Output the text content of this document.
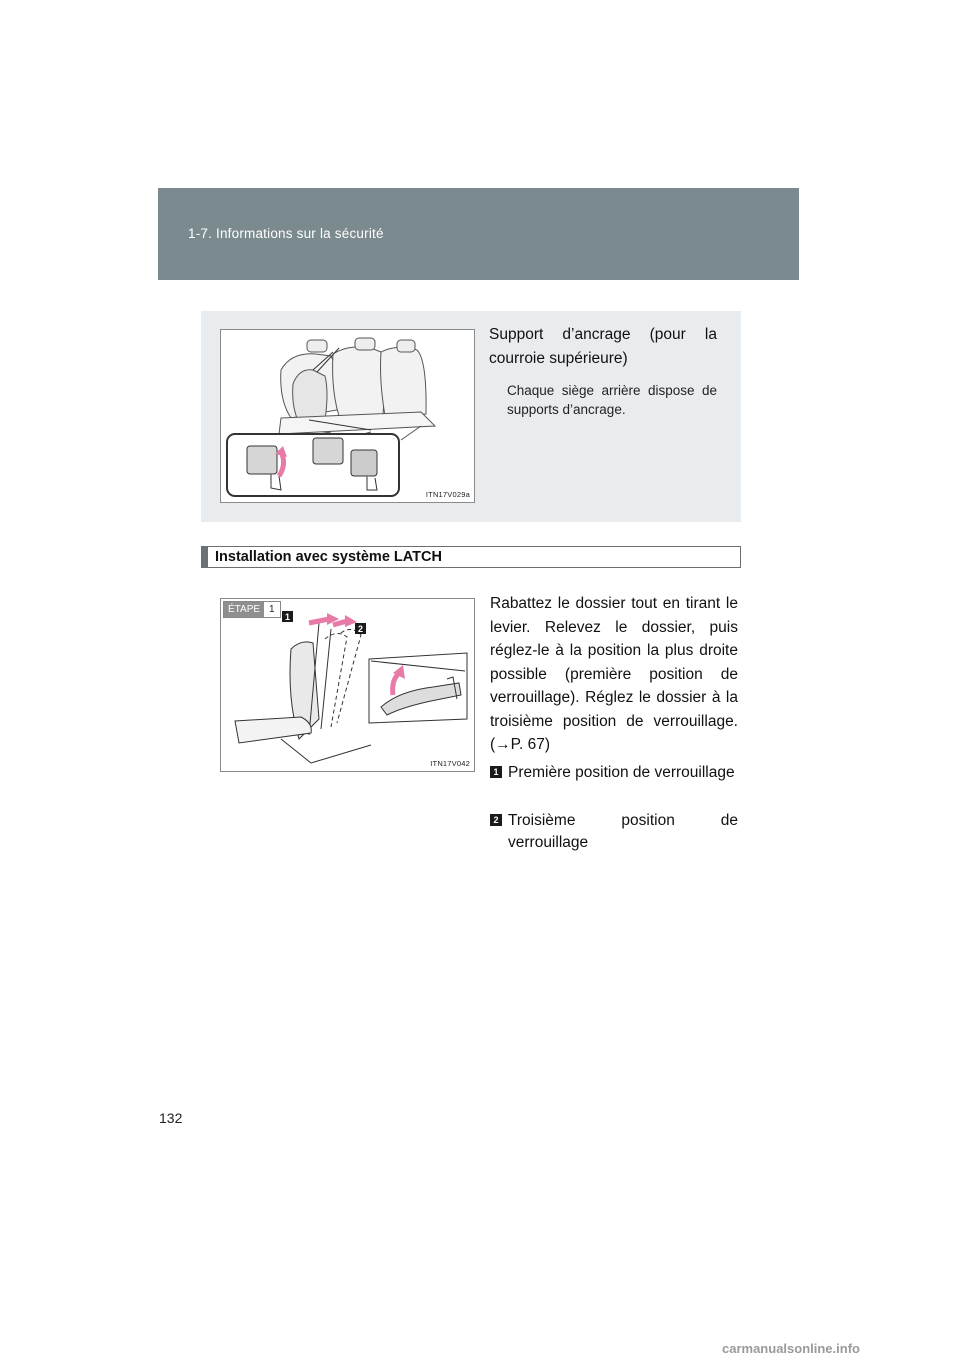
1-7. Informations sur la sécurité
ITN17V029a

Support d’ancrage (pour la courroie supérieure)

Chaque siège arrière dispose de supports d’ancrage.

Installation avec système LATCH
ÉTAPE 1
1
2
ITN17V042
Rabattez le dossier tout en tirant le levier. Relevez le dossier, puis réglez-le à la position la plus droite possible (première position de verrouillage). Réglez le dossier à la troisième position de verrouillage. (→P. 67)
1 Première position de verrouillage
2 Troisième position de verrouillage
132
carmanualsonline.info
